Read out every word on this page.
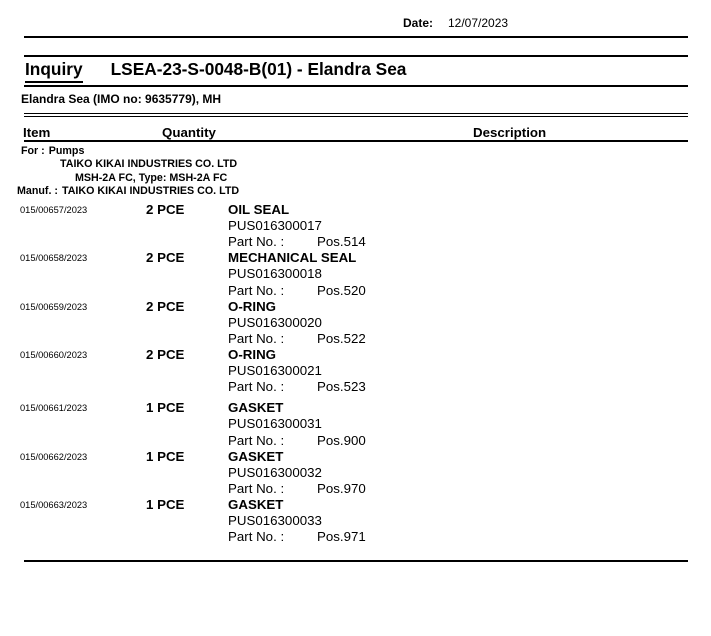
Date: 12/07/2023
Inquiry LSEA-23-S-0048-B(01) - Elandra Sea
Elandra Sea (IMO no: 9635779), MH
Item	Quantity	Description
For : Pumps
TAIKO KIKAI INDUSTRIES CO. LTD
MSH-2A FC, Type: MSH-2A FC
Manuf. : TAIKO KIKAI INDUSTRIES CO. LTD
015/00657/2023	2 PCE	OIL SEAL
PUS016300017
Part No. : Pos.514
015/00658/2023	2 PCE	MECHANICAL SEAL
PUS016300018
Part No. : Pos.520
015/00659/2023	2 PCE	O-RING
PUS016300020
Part No. : Pos.522
015/00660/2023	2 PCE	O-RING
PUS016300021
Part No. : Pos.523
015/00661/2023	1 PCE	GASKET
PUS016300031
Part No. : Pos.900
015/00662/2023	1 PCE	GASKET
PUS016300032
Part No. : Pos.970
015/00663/2023	1 PCE	GASKET
PUS016300033
Part No. : Pos.971
